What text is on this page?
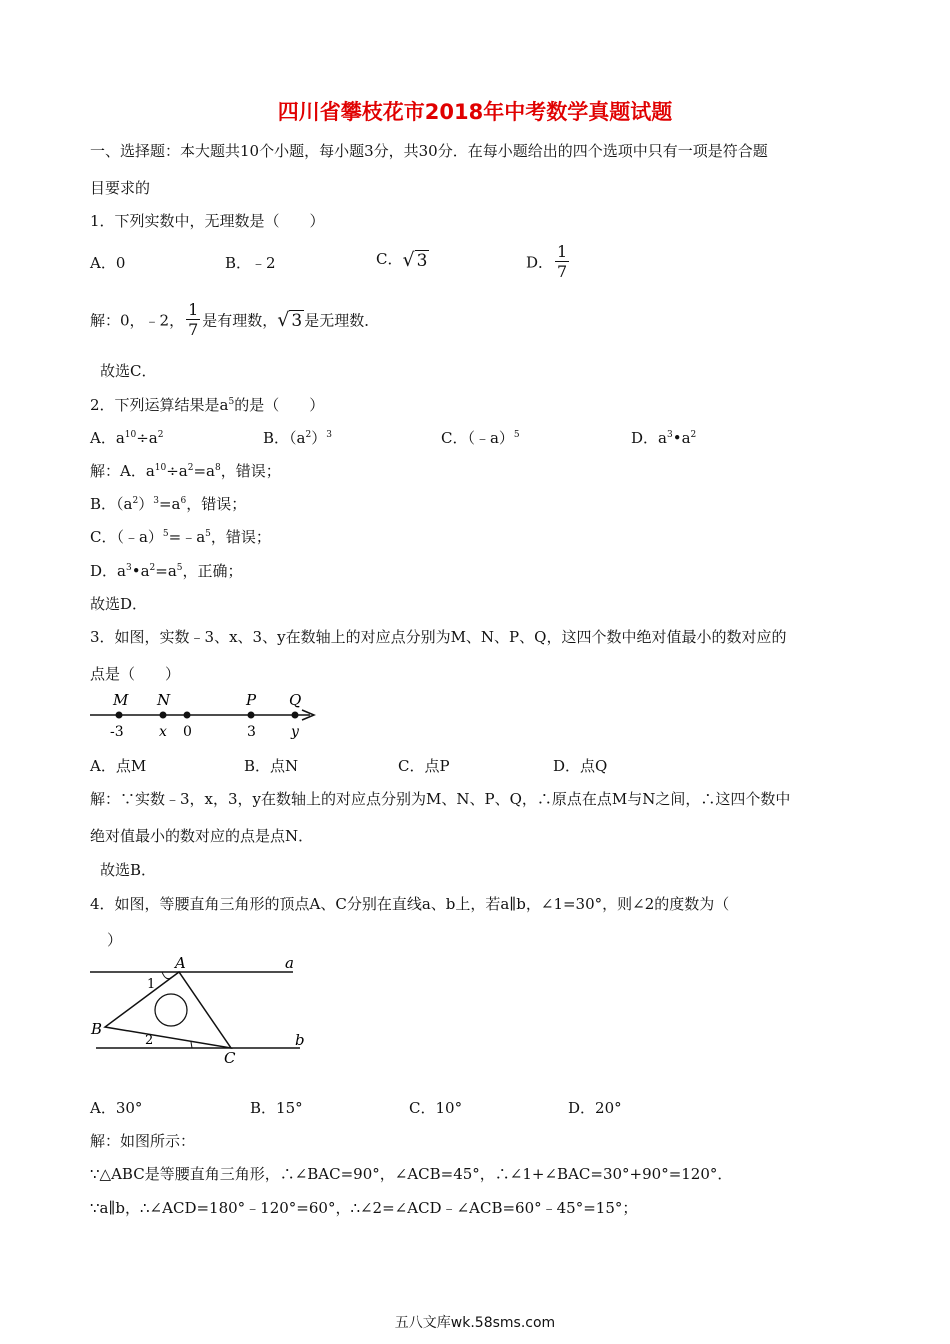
四川省攀枝花市2018年中考数学真题试题
一、选择题：本大题共10个小题，每小题3分，共30分．在每小题给出的四个选项中只有一项是符合题
目要求的
1．下列实数中，无理数是（　　）
A．0	B．﹣2	C．√ 3	D． $\frac{1}{7}$
解：0，﹣2， $\frac{1}{7}$ 是有理数，√ 3 是无理数．
故选C．
2．下列运算结果是$a^5$的是（　　）
A．$a^{10}\div a^2$	B．$(a^2)^3$	C．（﹣a）$^5$	D．$a^3•a^2$
解：A．$a^{10}\div a^2=a^8$，错误；
B．$(a^2)^3=a^6$，错误；
C．$(﹣a)^5=﹣a^5$，错误；
D．$a^3•a^2=a^5$，正确；
故选D．
3．如图，实数﹣3、x、3、y在数轴上的对应点分别为M、N、P、Q，这四个数中绝对值最小的数对应的
点是（　　）
M N	P Q
-3	x 0	3	y
A．点M	B．点N	C．点P	D．点Q
解：∵实数﹣3，x，3，y在数轴上的对应点分别为M、N、P、Q，∴原点在点M与N之间，∴这四个数中
绝对值最小的数对应的点是点N．
故选B．
4．如图，等腰直角三角形的顶点A、C分别在直线a、b上，若a∥b，∠1=30°，则∠2的度数为（
）
A
B
C
a
b
1
2
A．30°	B．15°	C．10°	D．20°
解：如图所示：
∵△ABC是等腰直角三角形，∴∠BAC=90°，∠ACB=45°，∴∠1+∠BAC=30°+90°=120°．
∵a∥b，∴∠ACD=180°﹣120°=60°，∴∠2=∠ACD﹣∠ACB=60°﹣45°=15°；
五八文库wk.58sms.com
